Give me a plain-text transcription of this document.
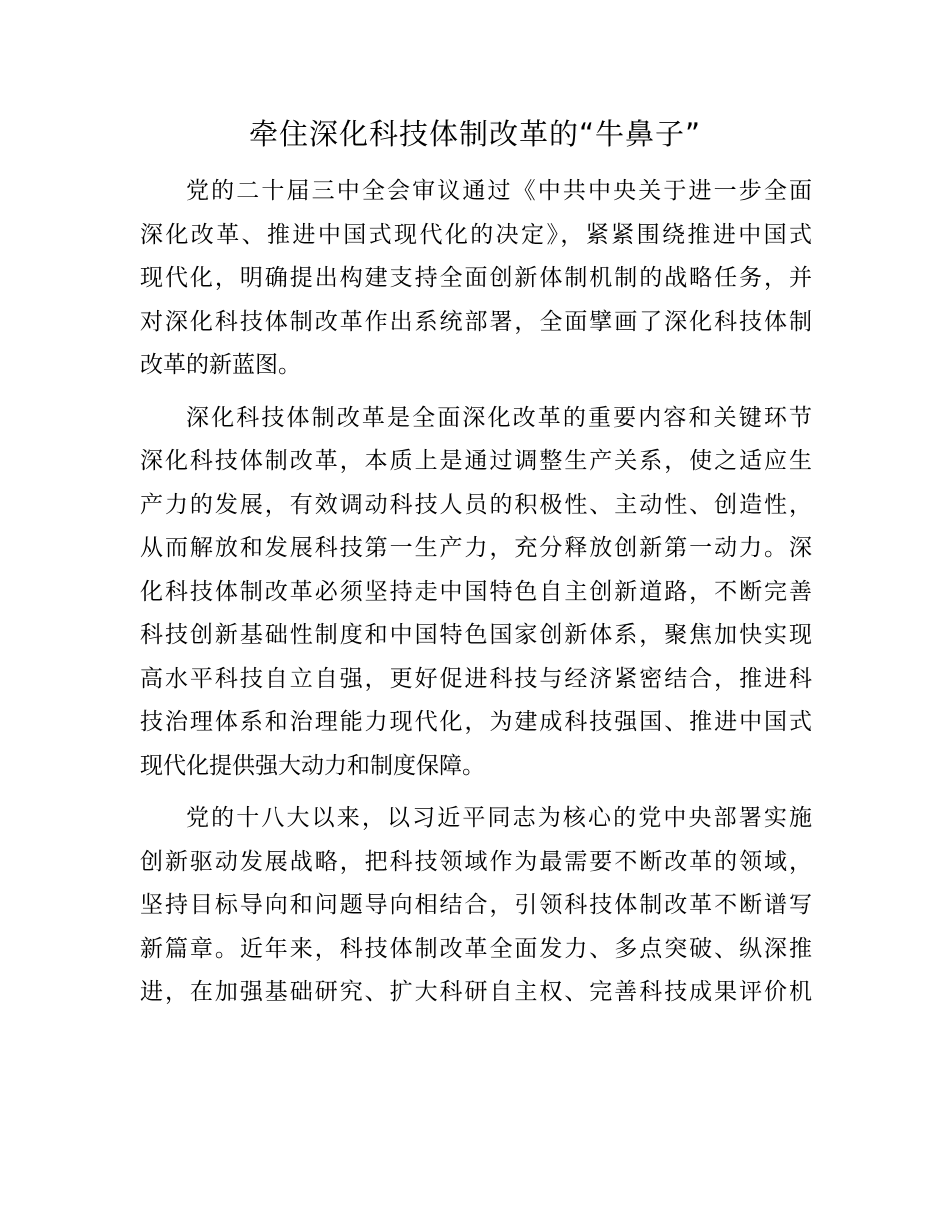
牵住深化科技体制改革的“牛鼻子”

党的二十届三中全会审议通过《中共中央关于进一步全面
深化改革、推进中国式现代化的决定》，紧紧围绕推进中国式
现代化，明确提出构建支持全面创新体制机制的战略任务，并
对深化科技体制改革作出系统部署，全面擘画了深化科技体制
改革的新蓝图。

深化科技体制改革是全面深化改革的重要内容和关键环节
深化科技体制改革，本质上是通过调整生产关系，使之适应生
产力的发展，有效调动科技人员的积极性、主动性、创造性，
从而解放和发展科技第一生产力，充分释放创新第一动力。深
化科技体制改革必须坚持走中国特色自主创新道路，不断完善
科技创新基础性制度和中国特色国家创新体系，聚焦加快实现
高水平科技自立自强，更好促进科技与经济紧密结合，推进科
技治理体系和治理能力现代化，为建成科技强国、推进中国式
现代化提供强大动力和制度保障。

党的十八大以来，以习近平同志为核心的党中央部署实施
创新驱动发展战略，把科技领域作为最需要不断改革的领域，
坚持目标导向和问题导向相结合，引领科技体制改革不断谱写
新篇章。近年来，科技体制改革全面发力、多点突破、纵深推
进，在加强基础研究、扩大科研自主权、完善科技成果评价机
